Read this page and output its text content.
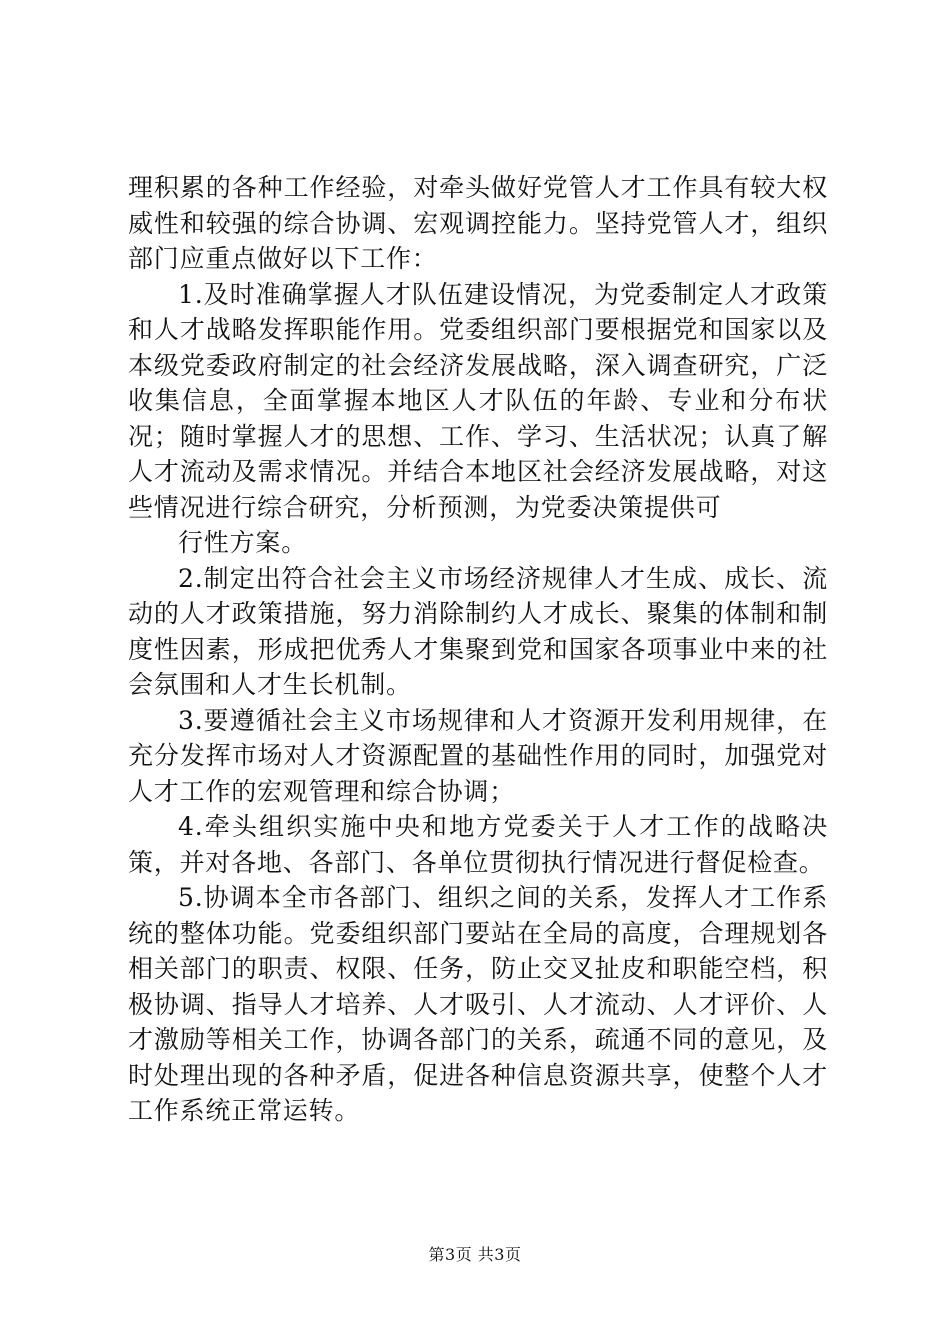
理积累的各种工作经验，对牵头做好党管人才工作具有较大权威性和较强的综合协调、宏观调控能力。坚持党管人才，组织部门应重点做好以下工作：

1.及时准确掌握人才队伍建设情况，为党委制定人才政策和人才战略发挥职能作用。党委组织部门要根据党和国家以及本级党委政府制定的社会经济发展战略，深入调查研究，广泛收集信息，全面掌握本地区人才队伍的年龄、专业和分布状况；随时掌握人才的思想、工作、学习、生活状况；认真了解人才流动及需求情况。并结合本地区社会经济发展战略，对这些情况进行综合研究，分析预测，为党委决策提供可

行性方案。

2.制定出符合社会主义市场经济规律人才生成、成长、流动的人才政策措施，努力消除制约人才成长、聚集的体制和制度性因素，形成把优秀人才集聚到党和国家各项事业中来的社会氛围和人才生长机制。

3.要遵循社会主义市场规律和人才资源开发利用规律，在充分发挥市场对人才资源配置的基础性作用的同时，加强党对人才工作的宏观管理和综合协调；

4.牵头组织实施中央和地方党委关于人才工作的战略决策，并对各地、各部门、各单位贯彻执行情况进行督促检查。

5.协调本全市各部门、组织之间的关系，发挥人才工作系统的整体功能。党委组织部门要站在全局的高度，合理规划各相关部门的职责、权限、任务，防止交叉扯皮和职能空档，积极协调、指导人才培养、人才吸引、人才流动、人才评价、人才激励等相关工作，协调各部门的关系，疏通不同的意见，及时处理出现的各种矛盾，促进各种信息资源共享，使整个人才工作系统正常运转。

第3页 共3页
